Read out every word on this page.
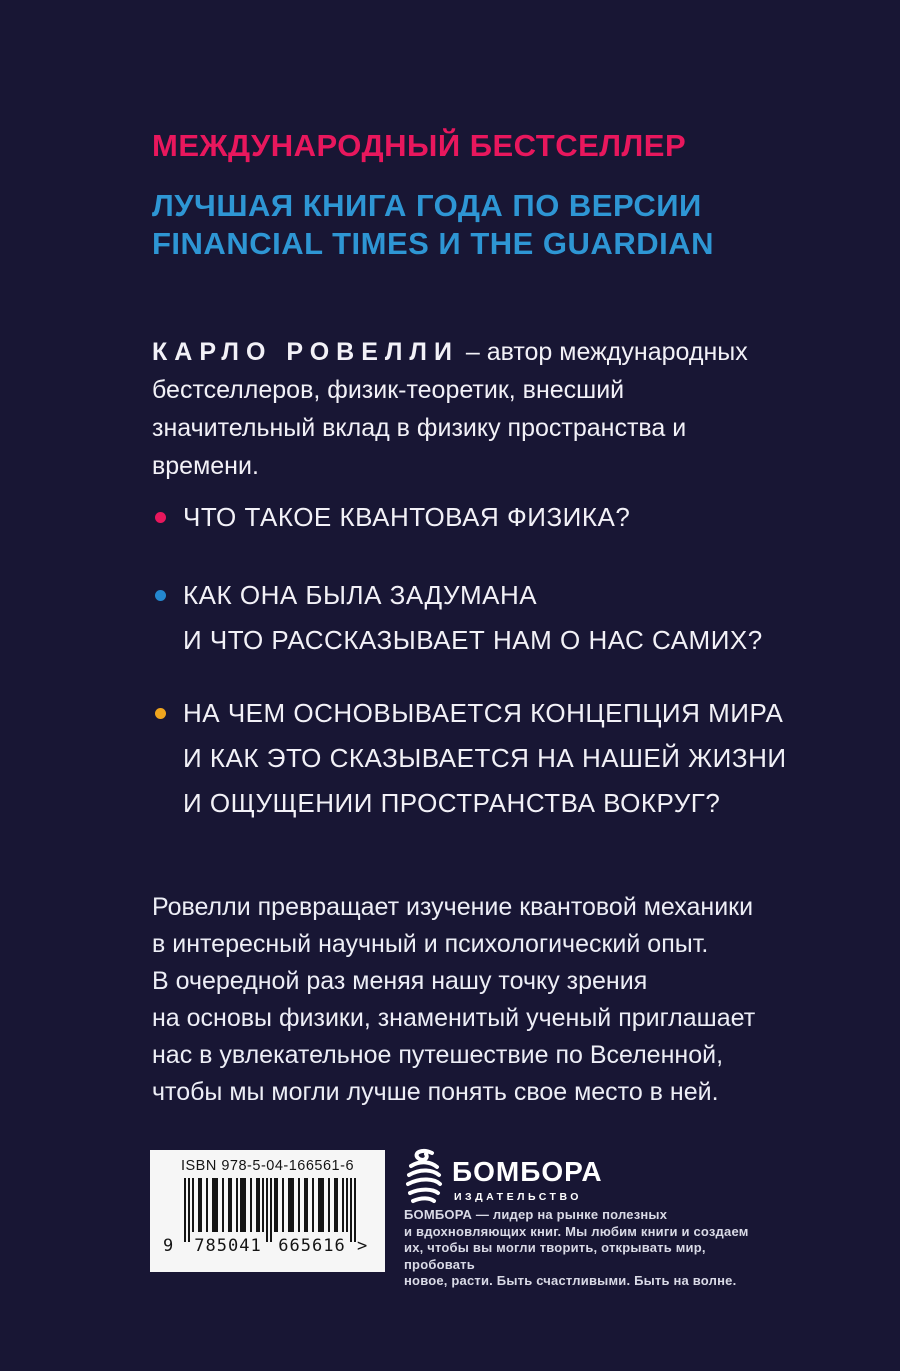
МЕЖДУНАРОДНЫЙ БЕСТСЕЛЛЕР
ЛУЧШАЯ КНИГА ГОДА ПО ВЕРСИИ
FINANCIAL TIMES И THE GUARDIAN

КАРЛО РОВЕЛЛИ – автор международных бестселлеров, физик-теоретик, внесший значительный вклад в физику пространства и времени.

ЧТО ТАКОЕ КВАНТОВАЯ ФИЗИКА?
КАК ОНА БЫЛА ЗАДУМАНА
И ЧТО РАССКАЗЫВАЕТ НАМ О НАС САМИХ?
НА ЧЕМ ОСНОВЫВАЕТСЯ КОНЦЕПЦИЯ МИРА
И КАК ЭТО СКАЗЫВАЕТСЯ НА НАШЕЙ ЖИЗНИ
И ОЩУЩЕНИИ ПРОСТРАНСТВА ВОКРУГ?
Ровелли превращает изучение квантовой механики
в интересный научный и психологический опыт.
В очередной раз меняя нашу точку зрения
на основы физики, знаменитый ученый приглашает
нас в увлекательное путешествие по Вселенной,
чтобы мы могли лучше понять свое место в ней.
ISBN 978-5-04-166561-6
9 785041 665616 >
БОМБОРА
ИЗДАТЕЛЬСТВО
БОМБОРА — лидер на рынке полезных
и вдохновляющих книг. Мы любим книги и создаем
их, чтобы вы могли творить, открывать мир, пробовать
новое, расти. Быть счастливыми. Быть на волне.
